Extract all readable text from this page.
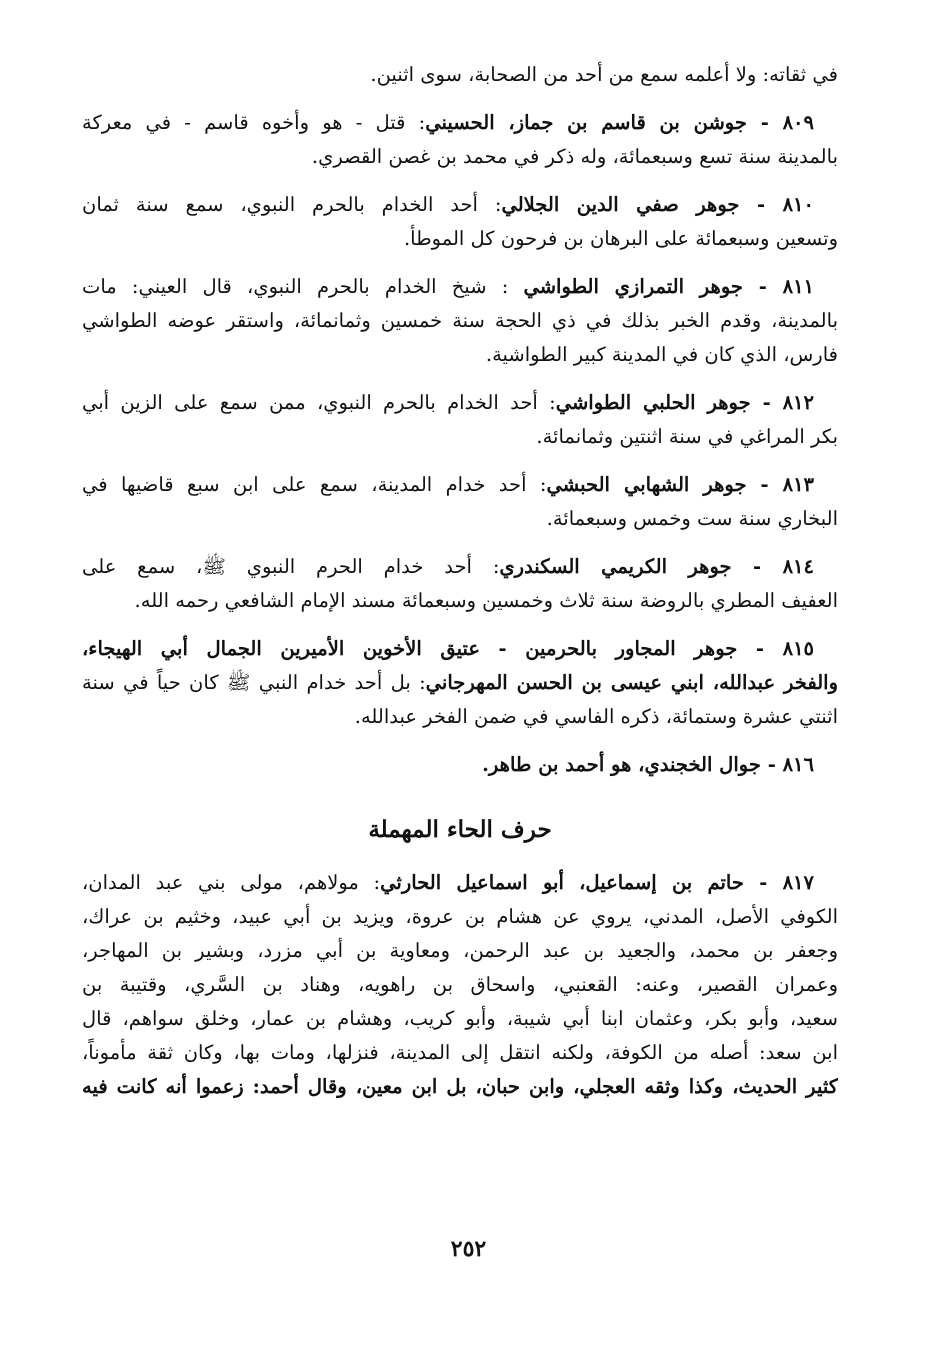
في ثقاته: ولا أعلمه سمع من أحد من الصحابة، سوى اثنين.
٨٠٩ - جوشن بن قاسم بن جماز، الحسيني: قتل - هو وأخوه قاسم - في معركة
بالمدينة سنة تسع وسبعمائة، وله ذكر في محمد بن غصن القصري.
٨١٠ - جوهر صفي الدين الجلالي: أحد الخدام بالحرم النبوي، سمع سنة ثمان
وتسعين وسبعمائة على البرهان بن فرحون كل الموطأ.
٨١١ - جوهر التمرازي الطواشي : شيخ الخدام بالحرم النبوي، قال العيني: مات
بالمدينة، وقدم الخبر بذلك في ذي الحجة سنة خمسين وثمانمائة، واستقر عوضه الطواشي
فارس، الذي كان في المدينة كبير الطواشية.
٨١٢ - جوهر الحلبي الطواشي: أحد الخدام بالحرم النبوي، ممن سمع على الزين أبي
بكر المراغي في سنة اثنتين وثمانمائة.
٨١٣ - جوهر الشهابي الحبشي: أحد خدام المدينة، سمع على ابن سبع قاضيها في
البخاري سنة ست وخمس وسبعمائة.
٨١٤ - جوهر الكريمي السكندري: أحد خدام الحرم النبوي ﷺ، سمع على
العفيف المطري بالروضة سنة ثلاث وخمسين وسبعمائة مسند الإمام الشافعي رحمه الله.
٨١٥ - جوهر المجاور بالحرمين - عتيق الأخوين الأميرين الجمال أبي الهيجاء،
والفخر عبدالله، ابني عيسى بن الحسن المهرجاني: بل أحد خدام النبي ﷺ كان حياً في سنة
اثنتي عشرة وستمائة، ذكره الفاسي في ضمن الفخر عبدالله.
٨١٦ - جوال الخجندي، هو أحمد بن طاهر.
حرف الحاء المهملة
٨١٧ - حاتم بن إسماعيل، أبو اسماعيل الحارثي: مولاهم، مولى بني عبد المدان،
الكوفي الأصل، المدني، يروي عن هشام بن عروة، ويزيد بن أبي عبيد، وخثيم بن عراك،
وجعفر بن محمد، والجعيد بن عبد الرحمن، ومعاوية بن أبي مزرد، وبشير بن المهاجر،
وعمران القصير، وعنه: القعنبي، واسحاق بن راهويه، وهناد بن السَّري، وقتيبة بن
سعيد، وأبو بكر، وعثمان ابنا أبي شيبة، وأبو كريب، وهشام بن عمار، وخلق سواهم، قال
ابن سعد: أصله من الكوفة، ولكنه انتقل إلى المدينة، فنزلها، ومات بها، وكان ثقة مأموناً،
كثير الحديث، وكذا وثقه العجلي، وابن حبان، بل ابن معين، وقال أحمد: زعموا أنه كانت فيه
٢٥٢
